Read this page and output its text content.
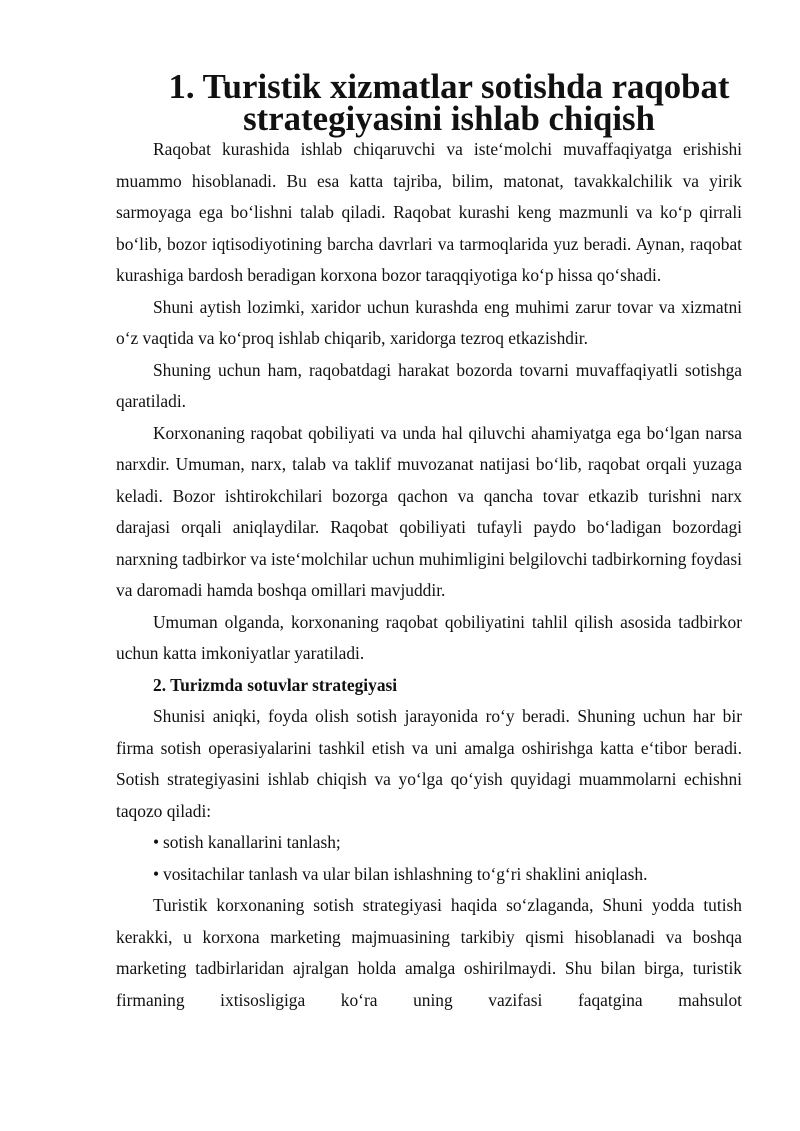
1. Turistik xizmatlar sotishda raqobat strategiyasini ishlab chiqish

Raqobat kurashida ishlab chiqaruvchi va iste‘molchi muvaffaqiyatga erishishi muammo hisoblanadi. Bu esa katta tajriba, bilim, matonat, tavakkalchilik va yirik sarmoyaga ega bo‘lishni talab qiladi. Raqobat kurashi keng mazmunli va ko‘p qirrali bo‘lib, bozor iqtisodiyotining barcha davrlari va tarmoqlarida yuz beradi. Aynan, raqobat kurashiga bardosh beradigan korxona bozor taraqqiyotiga ko‘p hissa qo‘shadi.

Shuni aytish lozimki, xaridor uchun kurashda eng muhimi zarur tovar va xizmatni o‘z vaqtida va ko‘proq ishlab chiqarib, xaridorga tezroq etkazishdir.

Shuning uchun ham, raqobatdagi harakat bozorda tovarni muvaffaqiyatli sotishga qaratiladi.

Korxonaning raqobat qobiliyati va unda hal qiluvchi ahamiyatga ega bo‘lgan narsa narxdir. Umuman, narx, talab va taklif muvozanat natijasi bo‘lib, raqobat orqali yuzaga keladi. Bozor ishtirokchilari bozorga qachon va qancha tovar etkazib turishni narx darajasi orqali aniqlaydilar. Raqobat qobiliyati tufayli paydo bo‘ladigan bozordagi narxning tadbirkor va iste‘molchilar uchun muhimligini belgilovchi tadbirkorning foydasi va daromadi hamda boshqa omillari mavjuddir.

Umuman olganda, korxonaning raqobat qobiliyatini tahlil qilish asosida tadbirkor uchun katta imkoniyatlar yaratiladi.

2. Turizmda sotuvlar strategiyasi

Shunisi aniqki, foyda olish sotish jarayonida ro‘y beradi. Shuning uchun har bir firma sotish operasiyalarini tashkil etish va uni amalga oshirishga katta e‘tibor beradi. Sotish strategiyasini ishlab chiqish va yo‘lga qo‘yish quyidagi muammolarni echishni taqozo qiladi:

• sotish kanallarini tanlash;
• vositachilar tanlash va ular bilan ishlashning to‘g‘ri shaklini aniqlash.

Turistik korxonaning sotish strategiyasi haqida so‘zlaganda, Shuni yodda tutish kerakki, u korxona marketing majmuasining tarkibiy qismi hisoblanadi va boshqa marketing tadbirlaridan ajralgan holda amalga oshirilmaydi. Shu bilan birga, turistik firmaning ixtisosligiga ko‘ra uning vazifasi faqatgina mahsulot
